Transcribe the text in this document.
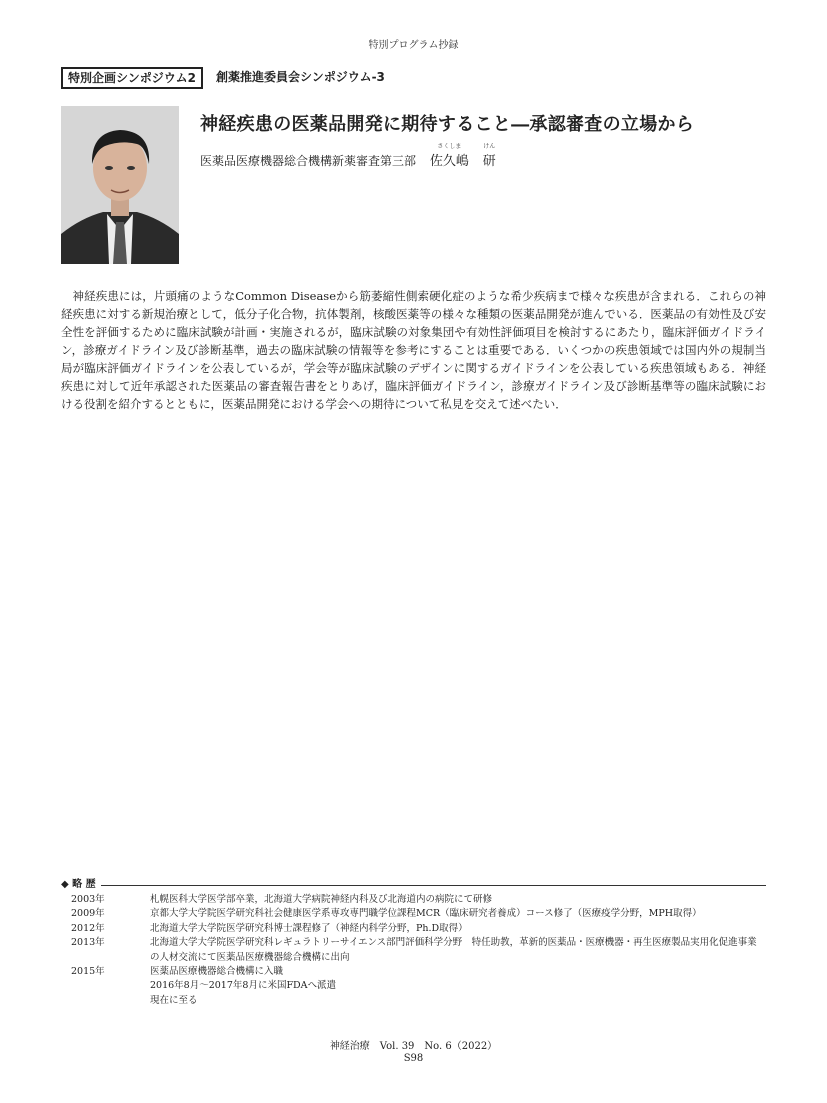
特別プログラム抄録
特別企画シンポジウム2	創薬推進委員会シンポジウム-3
神経疾患の医薬品開発に期待すること―承認審査の立場から
医薬品医療機器総合機構新薬審査第三部
さくしま
佐久嶋
けん
研

神経疾患には，片頭痛のようなCommon Diseaseから筋萎縮性側索硬化症のような希少疾病まで様々な疾患が含まれる．これらの神経疾患に対する新規治療として，低分子化合物，抗体製剤，核酸医薬等の様々な種類の医薬品開発が進んでいる．医薬品の有効性及び安全性を評価するために臨床試験が計画・実施されるが，臨床試験の対象集団や有効性評価項目を検討するにあたり，臨床評価ガイドライン，診療ガイドライン及び診断基準，過去の臨床試験の情報等を参考にすることは重要である．いくつかの疾患領域では国内外の規制当局が臨床評価ガイドラインを公表しているが，学会等が臨床試験のデザインに関するガイドラインを公表している疾患領域もある．神経疾患に対して近年承認された医薬品の審査報告書をとりあげ，臨床評価ガイドライン，診療ガイドライン及び診断基準等の臨床試験における役割を紹介するとともに，医薬品開発における学会への期待について私見を交えて述べたい．

◆ 略 歴
2003年	札幌医科大学医学部卒業，北海道大学病院神経内科及び北海道内の病院にて研修
2009年	京都大学大学院医学研究科社会健康医学系専攻専門職学位課程MCR（臨床研究者養成）コース修了（医療疫学分野，MPH取得）
2012年	北海道大学大学院医学研究科博士課程修了（神経内科学分野，Ph.D取得）
2013年	北海道大学大学院医学研究科レギュラトリーサイエンス部門評価科学分野　特任助教，革新的医薬品・医療機器・再生医療製品実用化促進事業の人材交流にて医薬品医療機器総合機構に出向
2015年	医薬品医療機器総合機構に入職
2016年8月～2017年8月に米国FDAへ派遣
現在に至る
神経治療　Vol. 39　No. 6（2022）
S98
